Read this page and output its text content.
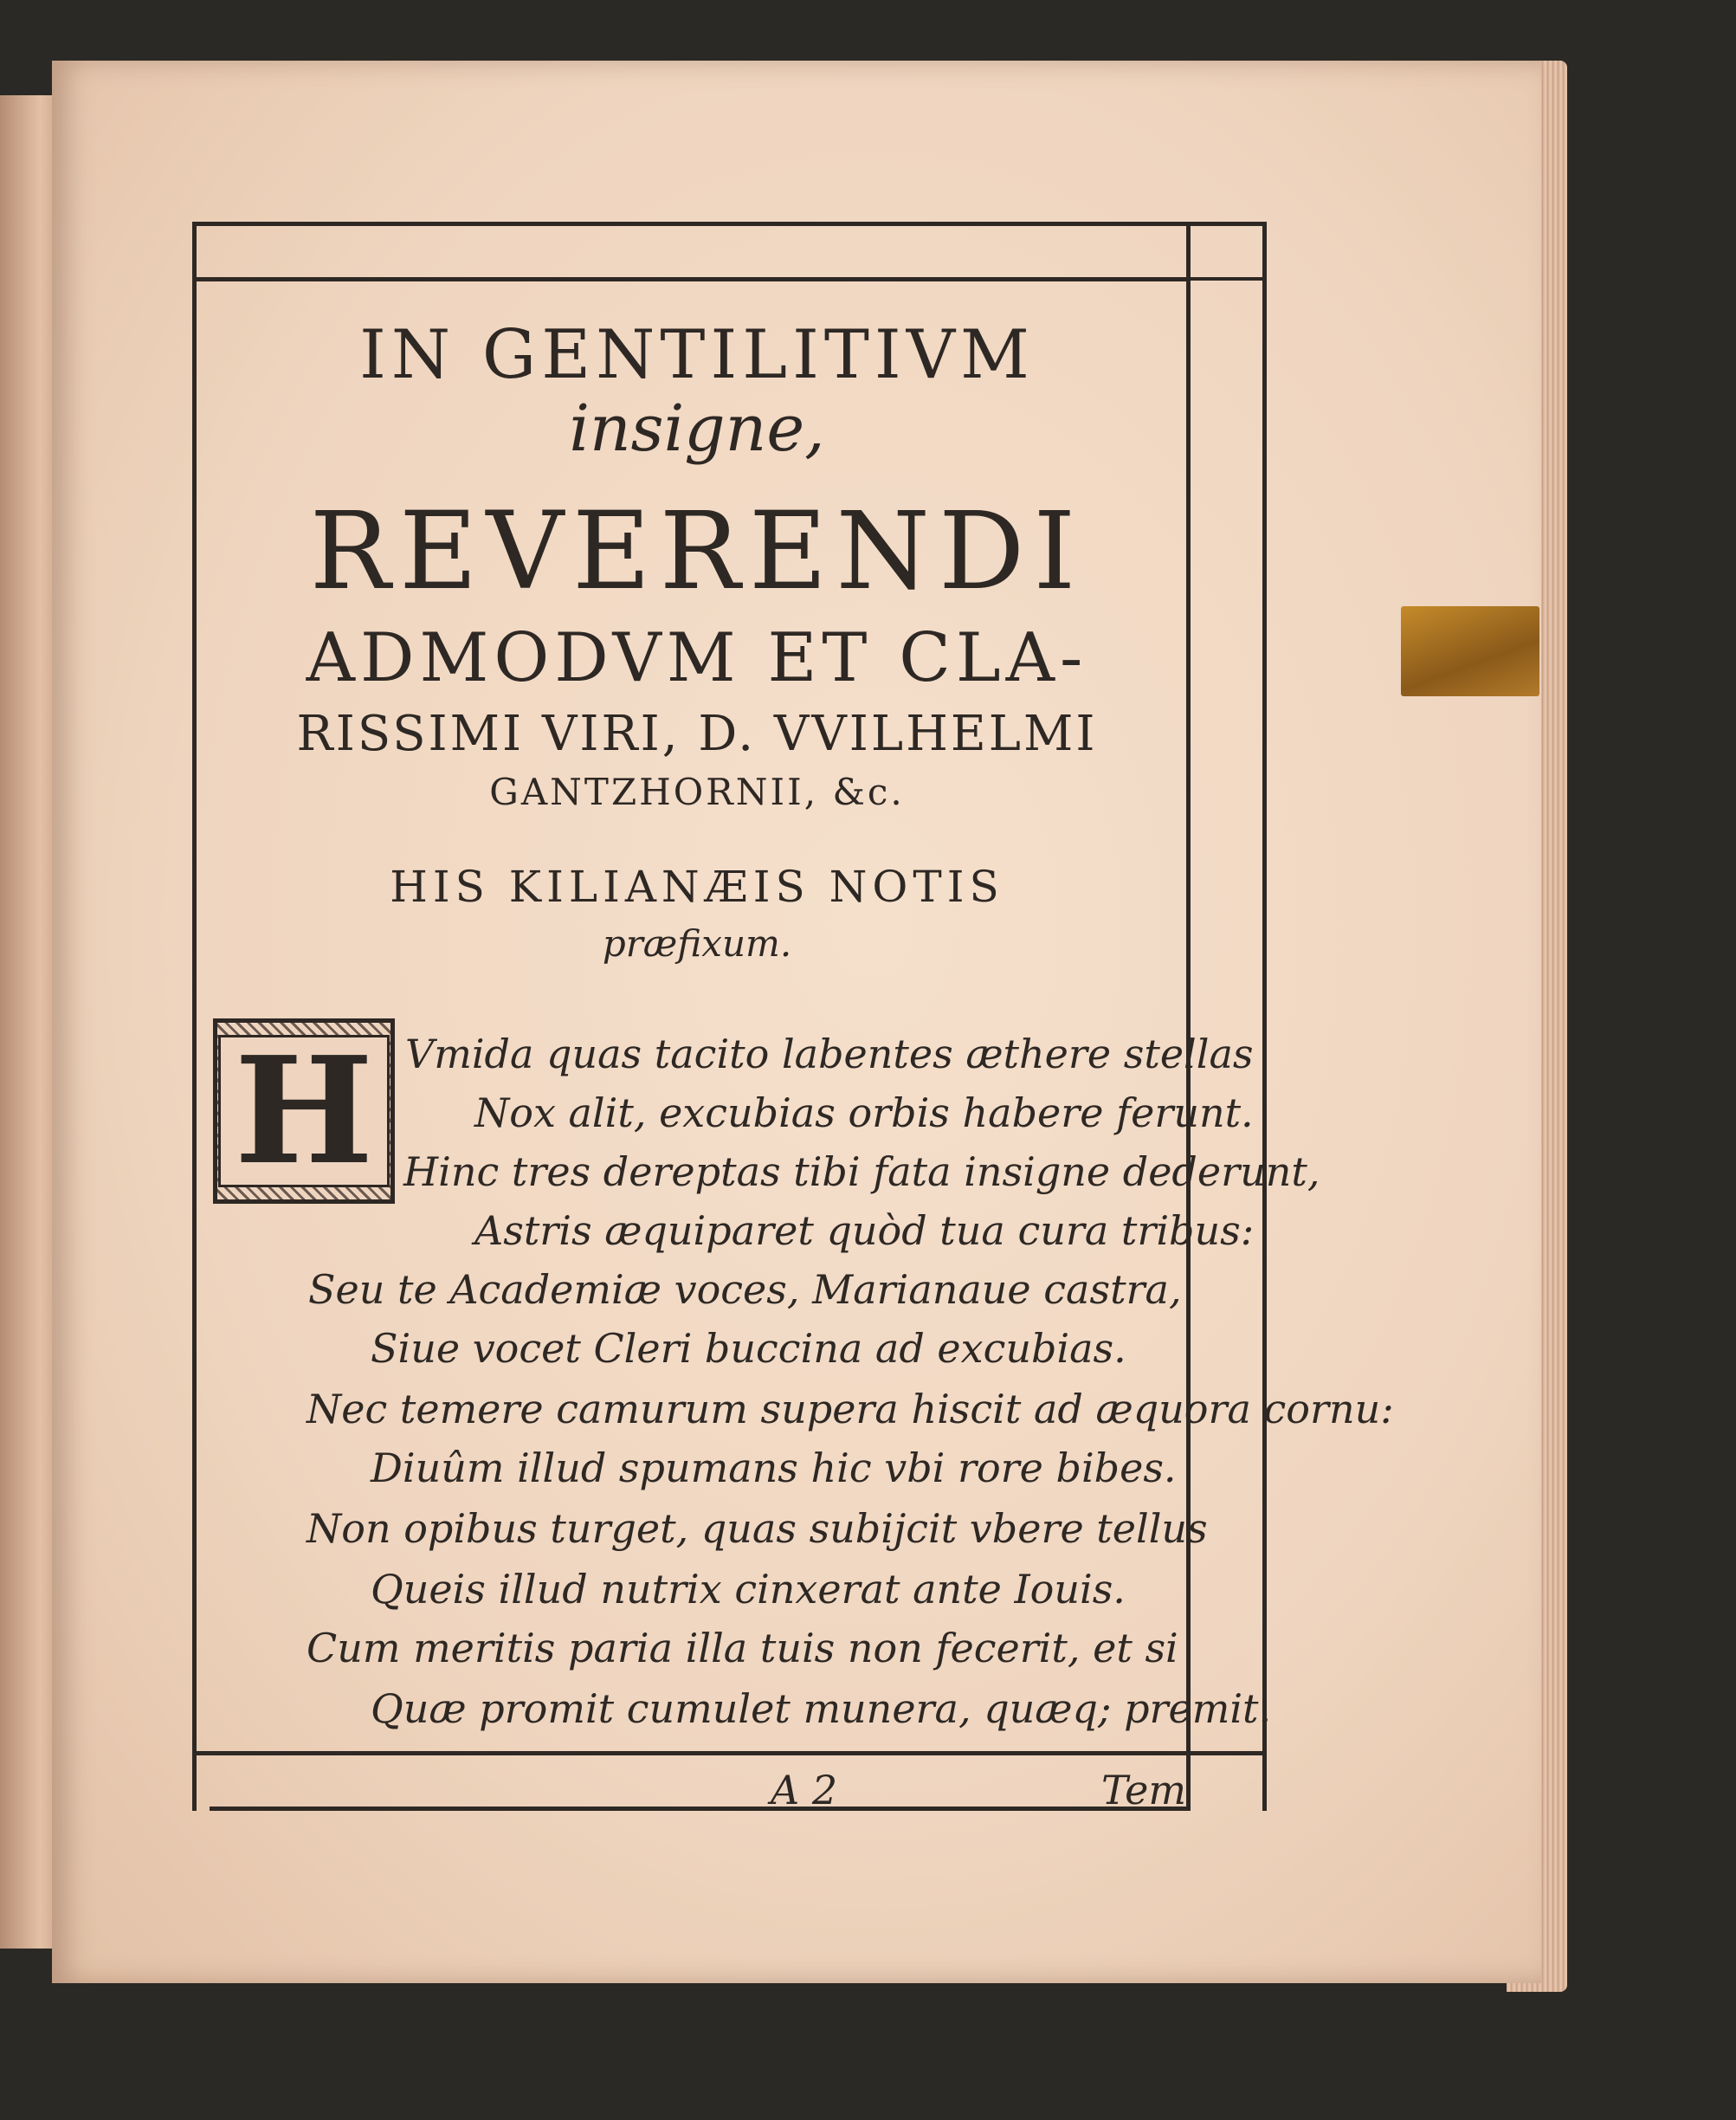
IN GENTILITIVM
insigne,
REVERENDI
ADMODVM ET CLA-
RISSIMI VIRI, D. VVILHELMI
GANTZHORNII, &c.
HIS KILIANÆIS NOTIS
præfixum.
H Vmida quas tacito labentes æthere stellas
Nox alit, excubias orbis habere ferunt.
Hinc tres dereptas tibi fata insigne dederunt,
Astris æquiparet quòd tua cura tribus:
Seu te Academiæ voces, Marianaue castra,
Siue vocet Cleri buccina ad excubias.
Nec temere camurum supera hiscit ad æquora cornu:
Diuûm illud spumans hic vbi rore bibes.
Non opibus turget, quas subijcit vbere tellus
Queis illud nutrix cinxerat ante Iouis.
Cum meritis paria illa tuis non fecerit, et si
Quæ promit cumulet munera, quæq; premit.
A 2	Tem
